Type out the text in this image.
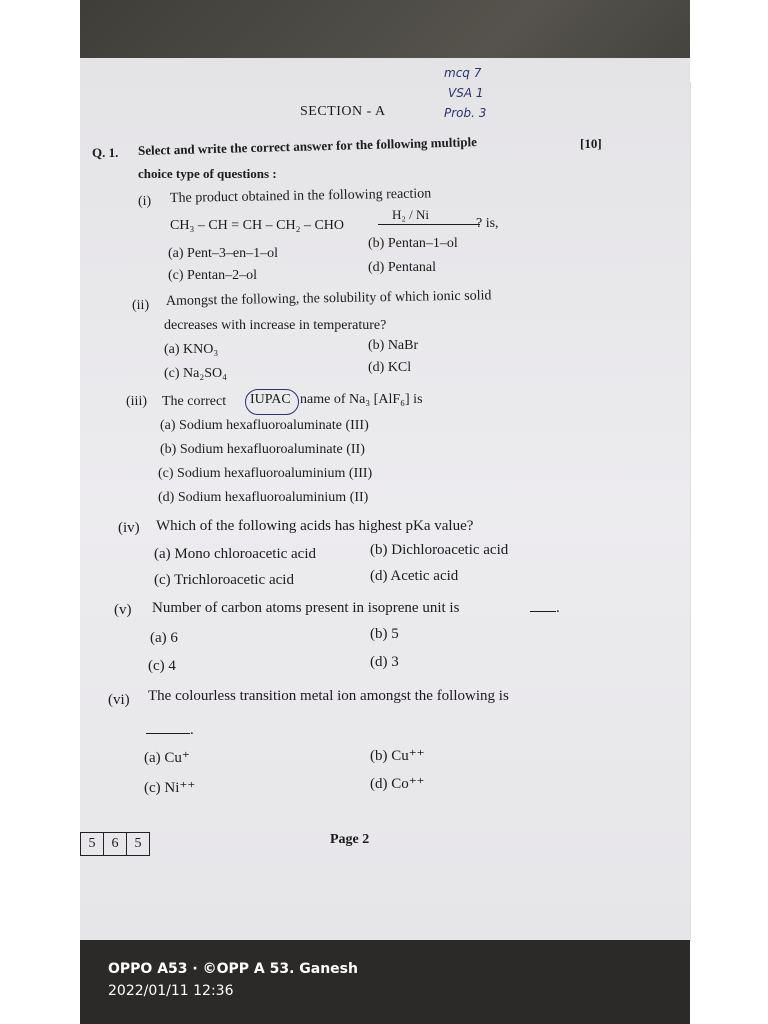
mcq 7
VSA 1
Prob. 3
SECTION - A
Q. 1. Select and write the correct answer for the following multiple
choice type of questions :
[10]
(i) The product obtained in the following reaction
CH₃ – CH = CH – CH₂ – CHO
H₂ / Ni
? is,
(a) Pent–3–en–1–ol
(b) Pentan–1–ol
(c) Pentan–2–ol
(d) Pentanal
(ii) Amongst the following, the solubility of which ionic solid
decreases with increase in temperature?
(a) KNO₃	(b) NaBr
(c) Na₂SO₄	(d) KCl
(iii) The correct IUPAC name of Na₃ [AlF₆] is
(a) Sodium hexafluoroaluminate (III)
(b) Sodium hexafluoroaluminate (II)
(c) Sodium hexafluoroaluminium (III)
(d) Sodium hexafluoroaluminium (II)
(iv) Which of the following acids has highest pKa value?
(a) Mono chloroacetic acid	(b) Dichloroacetic acid
(c) Trichloroacetic acid	(d) Acetic acid
(v) Number of carbon atoms present in isoprene unit is	.
(a) 6	(b) 5
(c) 4	(d) 3
(vi) The colourless transition metal ion amongst the following is
.
(a) Cu⁺	(b) Cu⁺⁺
(c) Ni⁺⁺	(d) Co⁺⁺
5	6	5	Page 2
OPPO A53 · ©OPP A 53. Ganesh
2022/01/11 12:36
